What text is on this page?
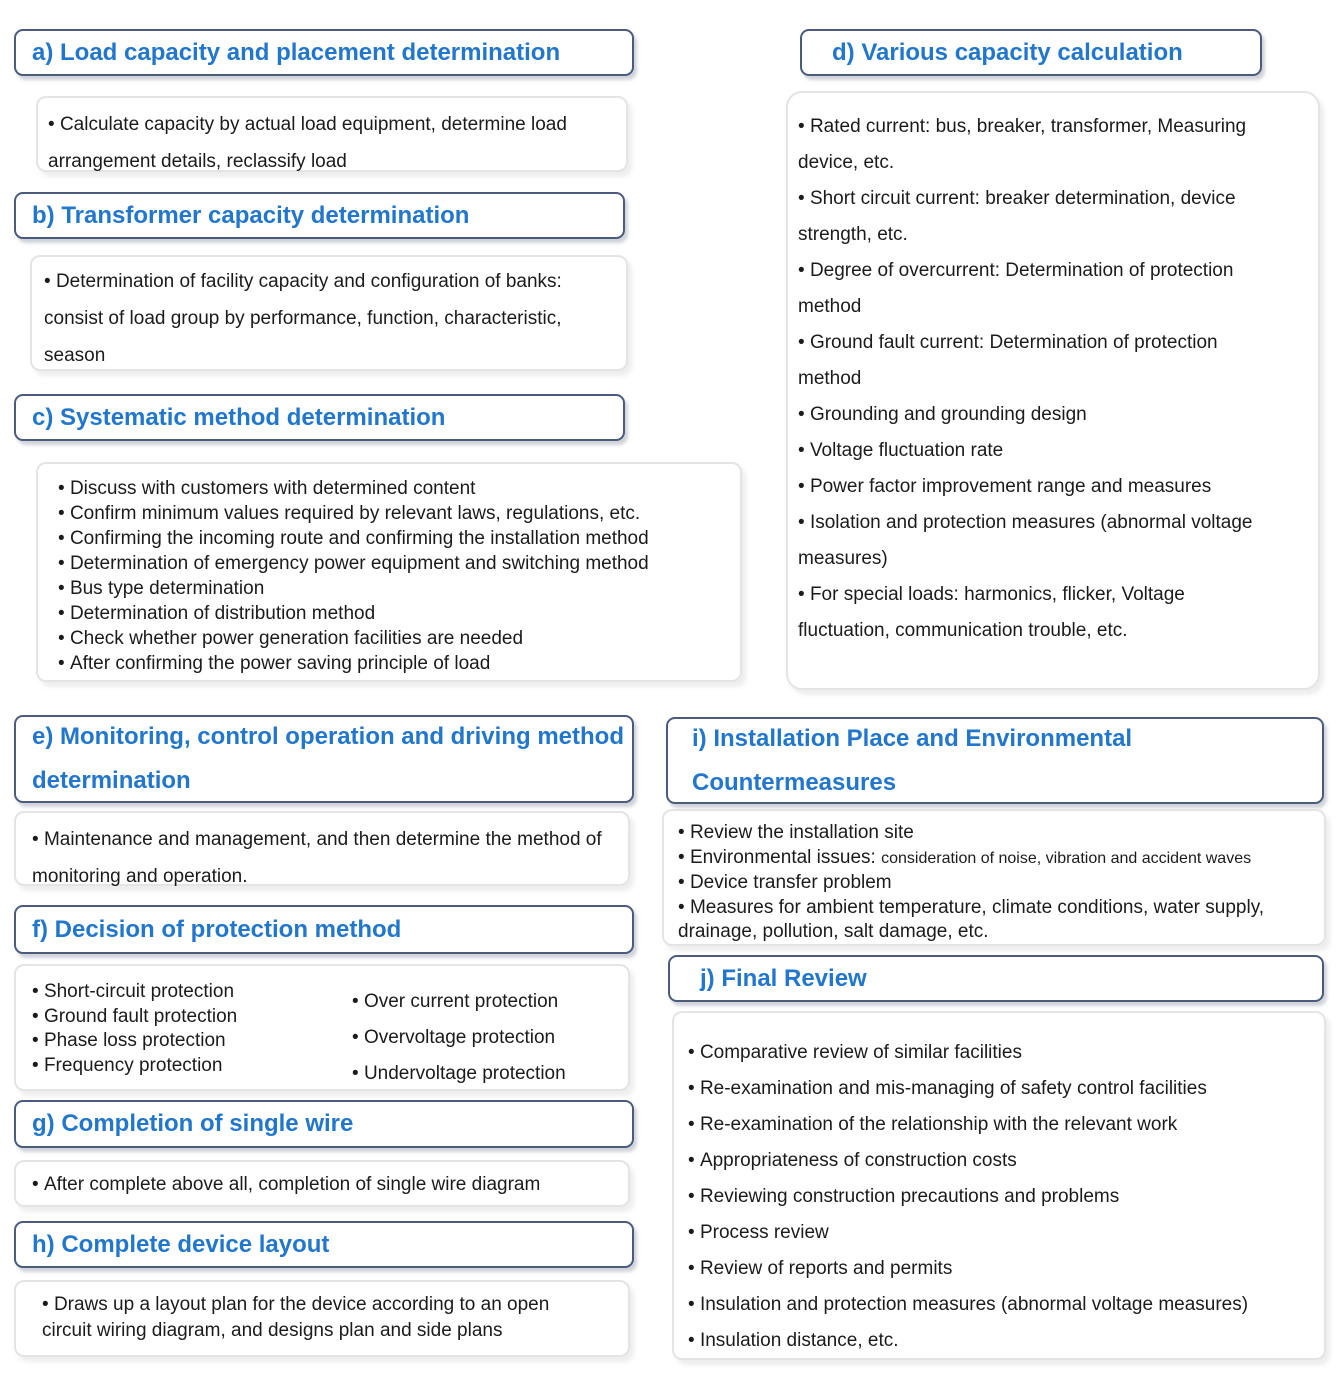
a) Load capacity and placement determination
• Calculate capacity by actual load equipment, determine load arrangement details, reclassify load
b) Transformer capacity determination
• Determination of facility capacity and configuration of banks: consist of load group by performance, function, characteristic, season
c) Systematic method determination
• Discuss with customers with determined content
• Confirm minimum values required by relevant laws, regulations, etc.
• Confirming the incoming route and confirming the installation method
• Determination of emergency power equipment and switching method
• Bus type determination
• Determination of distribution method
• Check whether power generation facilities are needed
• After confirming the power saving principle of load
d) Various capacity calculation
• Rated current: bus, breaker, transformer, Measuring device, etc.
• Short circuit current: breaker determination, device strength, etc.
• Degree of overcurrent: Determination of protection method
• Ground fault current: Determination of protection method
• Grounding and grounding design
• Voltage fluctuation rate
• Power factor improvement range and measures
• Isolation and protection measures (abnormal voltage measures)
• For special loads: harmonics, flicker, Voltage fluctuation, communication trouble, etc.
e) Monitoring, control operation and driving method determination
• Maintenance and management, and then determine the method of monitoring and operation.
f) Decision of protection method
• Short-circuit protection
• Ground fault protection
• Phase loss protection
• Frequency protection
• Over current protection
• Overvoltage protection
• Undervoltage protection
g) Completion of single wire
• After complete above all, completion of single wire diagram
h) Complete device layout
• Draws up a layout plan for the device according to an open circuit wiring diagram, and designs plan and side plans
i) Installation Place and Environmental Countermeasures
• Review the installation site
• Environmental issues: consideration of noise, vibration and accident waves
• Device transfer problem
• Measures for ambient temperature, climate conditions, water supply, drainage, pollution, salt damage, etc.
j) Final Review
• Comparative review of similar facilities
• Re-examination and mis-managing of safety control facilities
• Re-examination of the relationship with the relevant work
• Appropriateness of construction costs
• Reviewing construction precautions and problems
• Process review
• Review of reports and permits
• Insulation and protection measures (abnormal voltage measures)
• Insulation distance, etc.
